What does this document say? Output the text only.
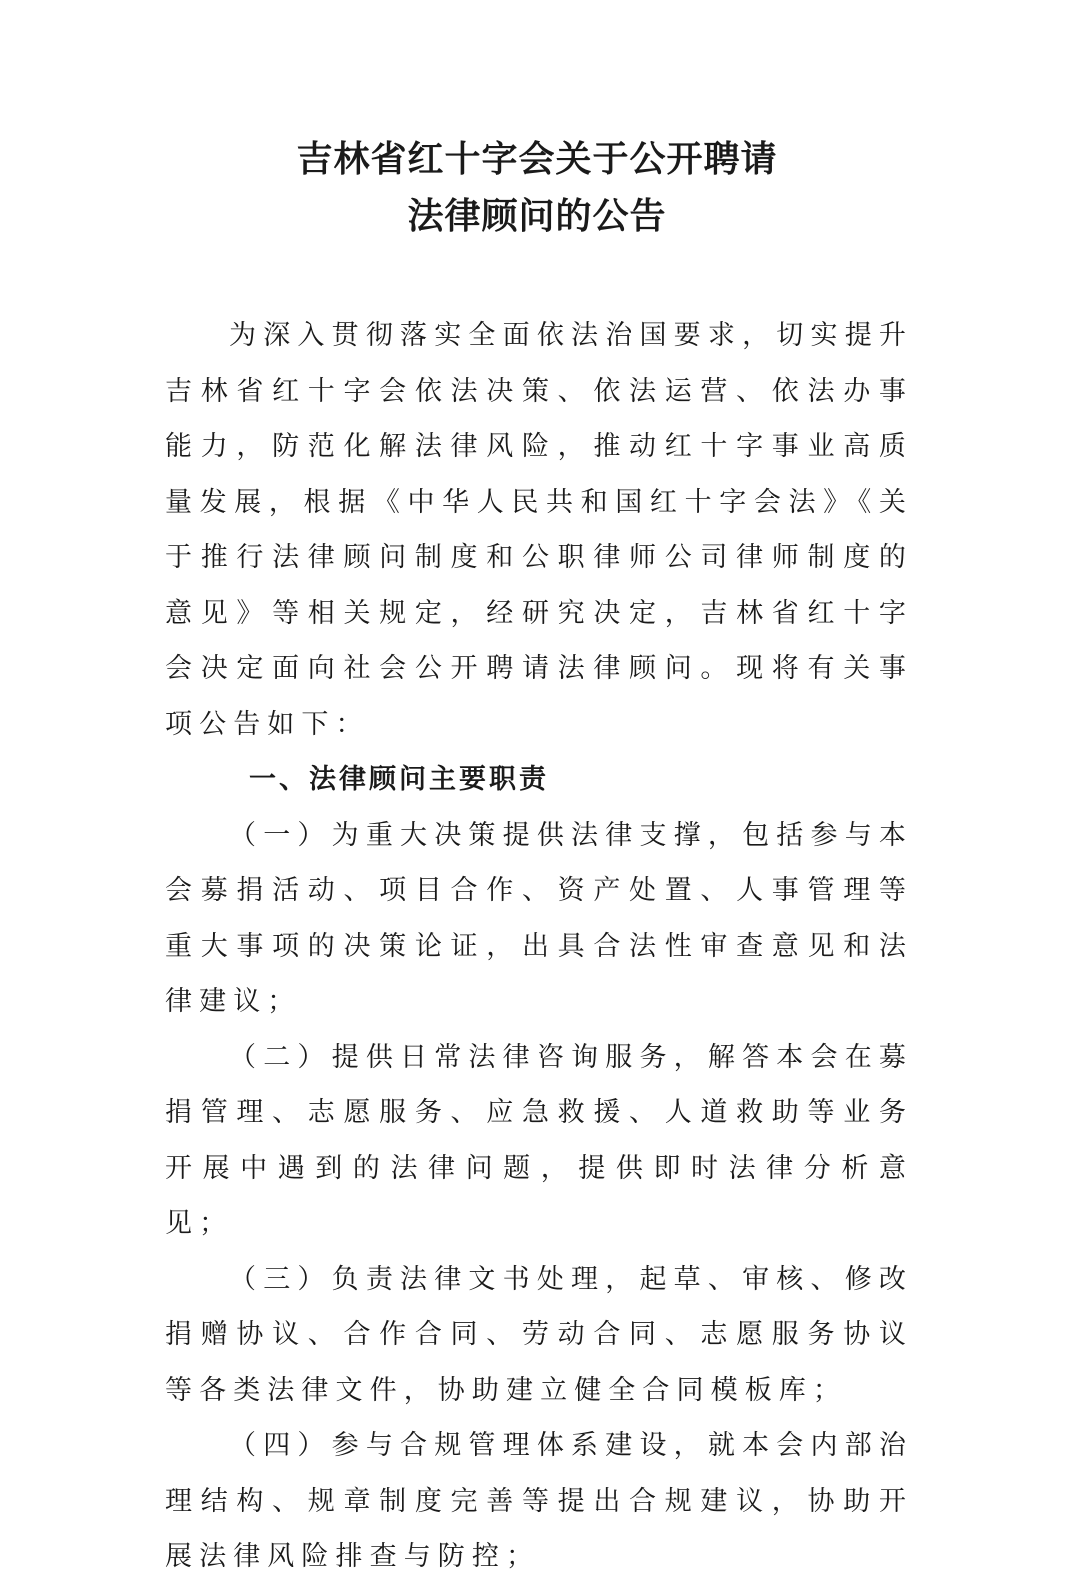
吉林省红十字会关于公开聘请
法律顾问的公告

为深入贯彻落实全面依法治国要求，切实提升吉林省红十字会依法决策、依法运营、依法办事能力，防范化解法律风险，推动红十字事业高质量发展，根据《中华人民共和国红十字会法》《关于推行法律顾问制度和公职律师公司律师制度的意见》等相关规定，经研究决定，吉林省红十字会决定面向社会公开聘请法律顾问。现将有关事项公告如下：

一、法律顾问主要职责

（一）为重大决策提供法律支撑，包括参与本会募捐活动、项目合作、资产处置、人事管理等重大事项的决策论证，出具合法性审查意见和法律建议；

（二）提供日常法律咨询服务，解答本会在募捐管理、志愿服务、应急救援、人道救助等业务开展中遇到的法律问题，提供即时法律分析意见；

（三）负责法律文书处理，起草、审核、修改捐赠协议、合作合同、劳动合同、志愿服务协议等各类法律文件，协助建立健全合同模板库；

（四）参与合规管理体系建设，就本会内部治理结构、规章制度完善等提出合规建议，协助开展法律风险排查与防控；
